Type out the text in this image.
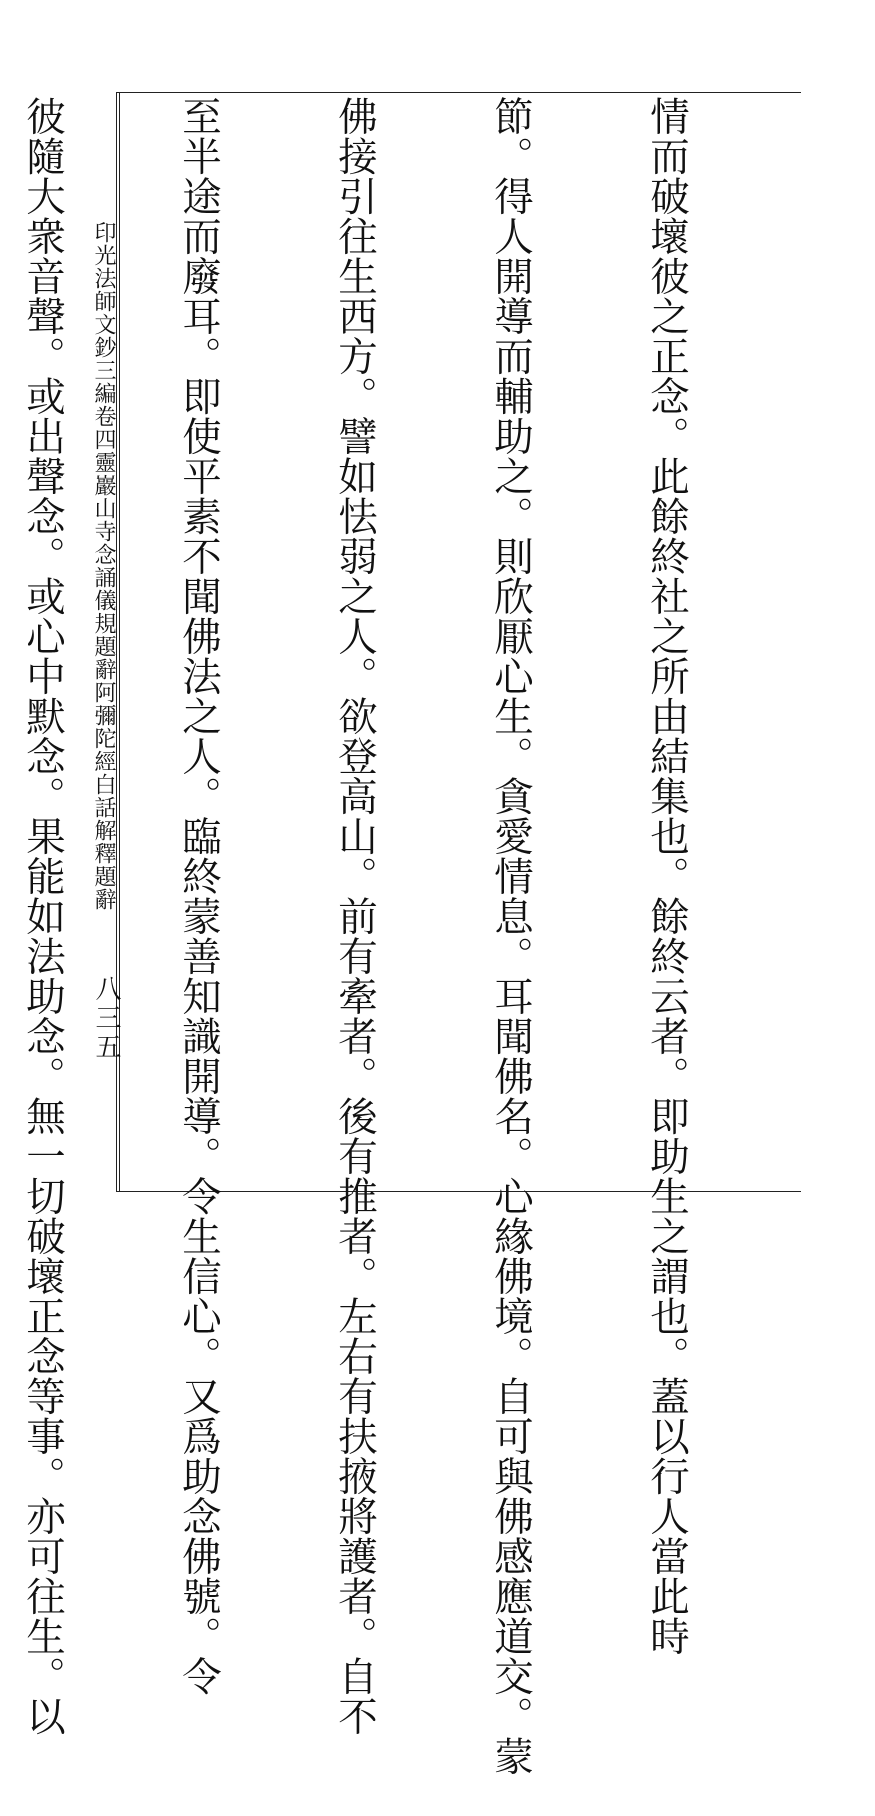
情而破壞彼之正念。此餘終社之所由結集也。餘終云者。即助生之謂也。蓋以行人當此時

節。得人開導而輔助之。則欣厭心生。貪愛情息。耳聞佛名。心緣佛境。自可與佛感應道交。蒙

佛接引往生西方。譬如怯弱之人。欲登高山。前有牽者。後有推者。左右有扶掖將護者。自不

至半途而廢耳。即使平素不聞佛法之人。臨終蒙善知識開導。令生信心。又爲助念佛號。令

彼隨大衆音聲。或出聲念。或心中默念。果能如法助念。無一切破壞正念等事。亦可往生。以

印光法師文鈔三編卷四靈巖山寺念誦儀規題辭阿彌陀經白話解釋題辭

八三五
